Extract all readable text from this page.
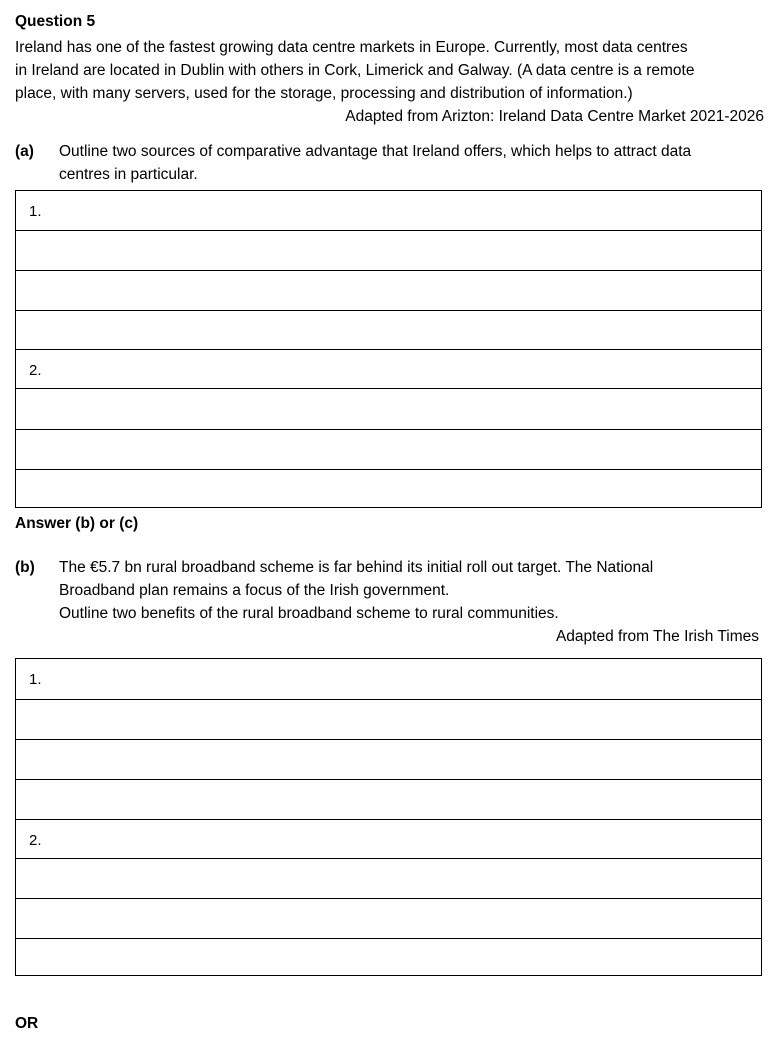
Question 5

Ireland has one of the fastest growing data centre markets in Europe. Currently, most data centres

in Ireland are located in Dublin with others in Cork, Limerick and Galway. (A data centre is a remote

place, with many servers, used for the storage, processing and distribution of information.)

Adapted from Arizton: Ireland Data Centre Market 2021-2026
(a) Outline two sources of comparative advantage that Ireland offers, which helps to attract data

centres in particular.

1.
2.
Answer (b) or (c)
(b) The €5.7 bn rural broadband scheme is far behind its initial roll out target. The National

Broadband plan remains a focus of the Irish government.

Outline two benefits of the rural broadband scheme to rural communities.

Adapted from The Irish Times
1.
2.
OR
